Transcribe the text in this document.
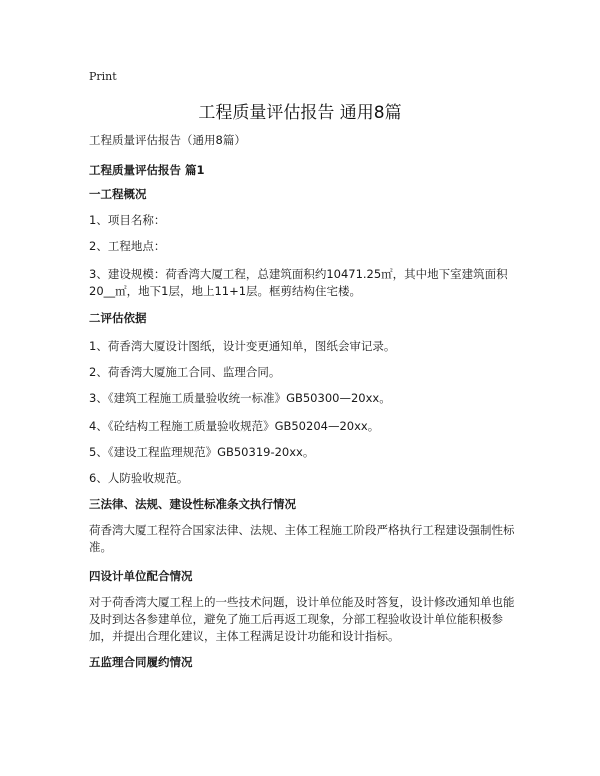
Print
工程质量评估报告 通用8篇
工程质量评估报告（通用8篇）
工程质量评估报告 篇1
一工程概况
1、项目名称：
2、工程地点：
3、建设规模：荷香湾大厦工程，总建筑面积约10471.25㎡，其中地下室建筑面积20__㎡，地下1层，地上11+1层。框剪结构住宅楼。
二评估依据
1、荷香湾大厦设计图纸，设计变更通知单，图纸会审记录。
2、荷香湾大厦施工合同、监理合同。
3、《建筑工程施工质量验收统一标准》GB50300—20xx。
4、《砼结构工程施工质量验收规范》GB50204—20xx。
5、《建设工程监理规范》GB50319-20xx。
6、人防验收规范。
三法律、法规、建设性标准条文执行情况
荷香湾大厦工程符合国家法律、法规、主体工程施工阶段严格执行工程建设强制性标准。
四设计单位配合情况
对于荷香湾大厦工程上的一些技术问题，设计单位能及时答复，设计修改通知单也能及时到达各参建单位，避免了施工后再返工现象，分部工程验收设计单位能积极参加，并提出合理化建议，主体工程满足设计功能和设计指标。
五监理合同履约情况
